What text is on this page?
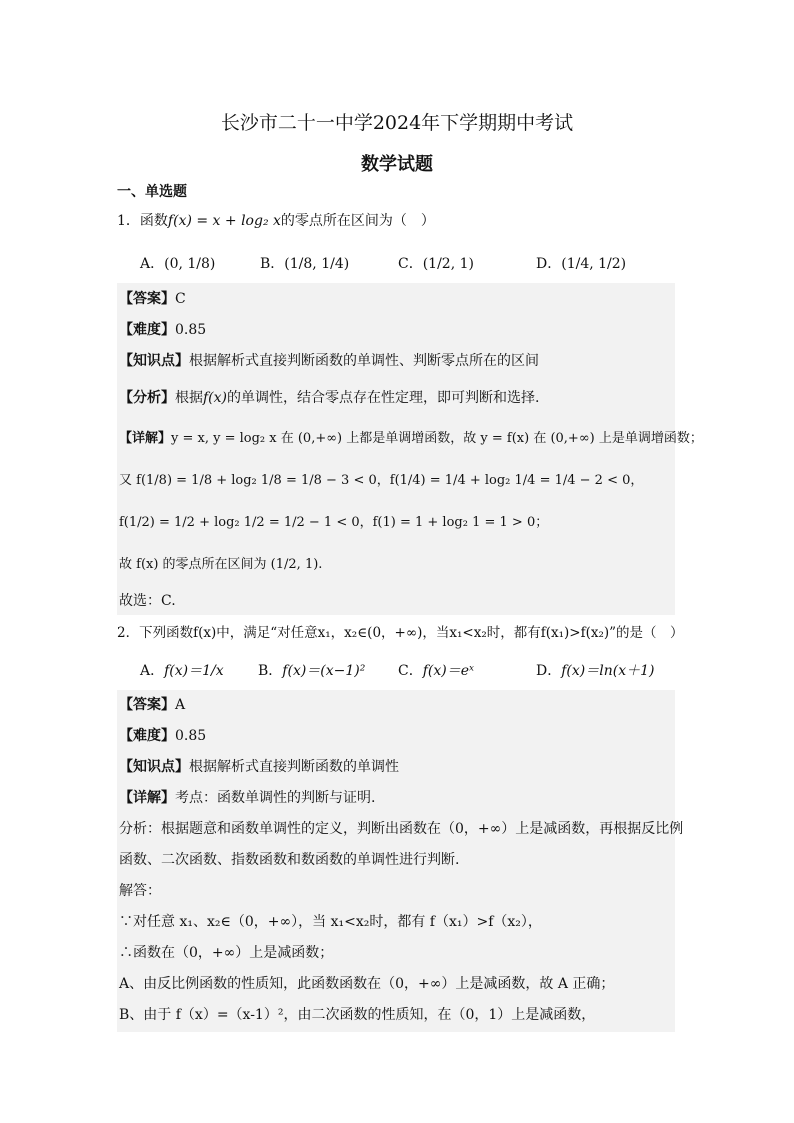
长沙市二十一中学2024年下学期期中考试
数学试题
一、单选题
1．函数f(x) = x + log₂ x的零点所在区间为（　）
A．(0, 1/8)	B．(1/8, 1/4)	C．(1/2, 1)	D．(1/4, 1/2)
【答案】C
【难度】0.85
【知识点】根据解析式直接判断函数的单调性、判断零点所在的区间
【分析】根据f(x)的单调性，结合零点存在性定理，即可判断和选择.
【详解】y = x, y = log₂ x 在 (0,+∞) 上都是单调增函数，故 y = f(x) 在 (0,+∞) 上是单调增函数；
又 f(1/8) = 1/8 + log₂ 1/8 = 1/8 − 3 < 0，f(1/4) = 1/4 + log₂ 1/4 = 1/4 − 2 < 0，
f(1/2) = 1/2 + log₂ 1/2 = 1/2 − 1 < 0，f(1) = 1 + log₂ 1 = 1 > 0；
故 f(x) 的零点所在区间为 (1/2, 1).
故选：C.
2．下列函数f(x)中，满足“对任意x₁，x₂∈(0，+∞)，当x₁<x₂时，都有f(x₁)>f(x₂)”的是（　）
A．f(x)＝1/x B．f(x)＝(x−1)² C．f(x)＝eˣ	D．f(x)＝ln(x＋1)
【答案】A
【难度】0.85
【知识点】根据解析式直接判断函数的单调性
【详解】考点：函数单调性的判断与证明.
分析：根据题意和函数单调性的定义，判断出函数在（0，+∞）上是减函数，再根据反比例
函数、二次函数、指数函数和数函数的单调性进行判断.
解答：
∵对任意 x₁、x₂∈（0，+∞），当 x₁<x₂时，都有 f（x₁）>f（x₂），
∴函数在（0，+∞）上是减函数；
A、由反比例函数的性质知，此函数函数在（0，+∞）上是减函数，故 A 正确；
B、由于 f（x）=（x-1）²，由二次函数的性质知，在（0，1）上是减函数，
